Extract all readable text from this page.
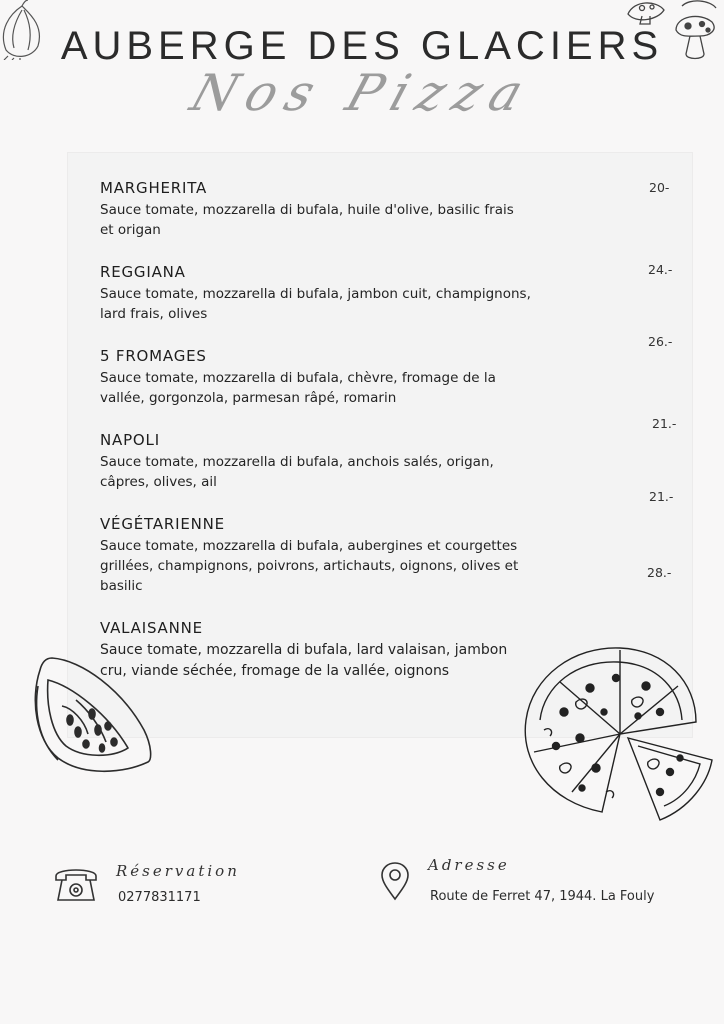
AUBERGE DES GLACIERS
Nos Pizza
MARGHERITA
Sauce tomate, mozzarella di bufala, huile d'olive, basilic frais
et origan
20-
REGGIANA
Sauce tomate, mozzarella di bufala, jambon cuit, champignons,
lard frais, olives
24.-
5 FROMAGES
Sauce tomate, mozzarella di bufala, chèvre, fromage de la
vallée, gorgonzola, parmesan râpé, romarin
26.-
NAPOLI
Sauce tomate, mozzarella di bufala, anchois salés, origan,
câpres, olives, ail
21.-
VÉGÉTARIENNE
Sauce tomate, mozzarella di bufala, aubergines et courgettes
grillées, champignons, poivrons, artichauts, oignons, olives et
basilic
21.-
VALAISANNE
Sauce tomate, mozzarella di bufala, lard valaisan, jambon
cru, viande séchée, fromage de la vallée, oignons
28.-
Réservation
0277831171
Adresse
Route de Ferret 47, 1944. La Fouly
